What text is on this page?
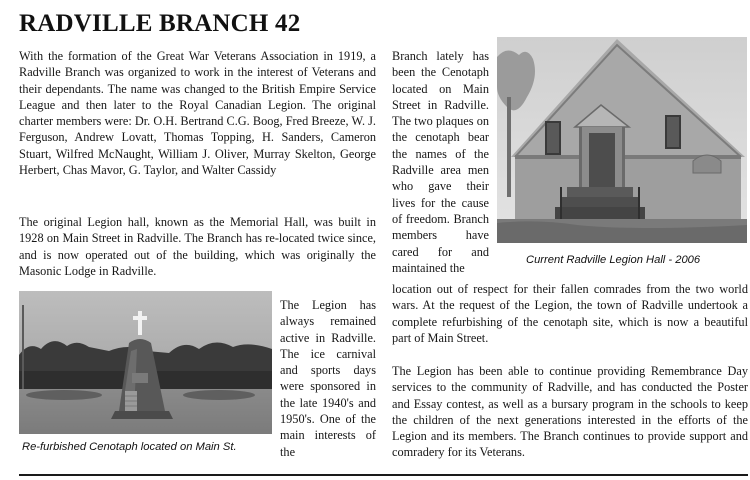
RADVILLE BRANCH 42

With the formation of the Great War Veterans Association in 1919, a Radville Branch was organized to work in the interest of Veterans and their dependants. The name was changed to the British Empire Service League and then later to the Royal Canadian Legion. The original charter members were: Dr. O.H. Bertrand C.G. Boog, Fred Breeze, W. J. Ferguson, Andrew Lovatt, Thomas Topping, H. Sanders, Cameron Stuart, Wilfred McNaught, William J. Oliver, Murray Skelton, George Herbert, Chas Mavor, G. Taylor, and Walter Cassidy

The original Legion hall, known as the Memorial Hall, was built in 1928 on Main Street in Radville. The Branch has re-located twice since, and is now operated out of the building, which was originally the Masonic Lodge in Radville.

Re-furbished Cenotaph located on Main St.

The Legion has always remained active in Radville. The ice carnival and sports days were sponsored in the late 1940's and 1950's. One of the main interests of the

Branch lately has been the Cenotaph located on Main Street in Radville. The two plaques on the cenotaph bear the names of the Radville area men who gave their lives for the cause of freedom. Branch members have cared for and maintained the

Current Radville Legion Hall - 2006

location out of respect for their fallen comrades from the two world wars. At the request of the Legion, the town of Radville undertook a complete refurbishing of the cenotaph site, which is now a beautiful part of Main Street.

The Legion has been able to continue providing Remembrance Day services to the community of Radville, and has conducted the Poster and Essay contest, as well as a bursary program in the schools to keep the children of the next generations interested in the efforts of the Legion and its members. The Branch continues to provide support and comradery for its Veterans.
